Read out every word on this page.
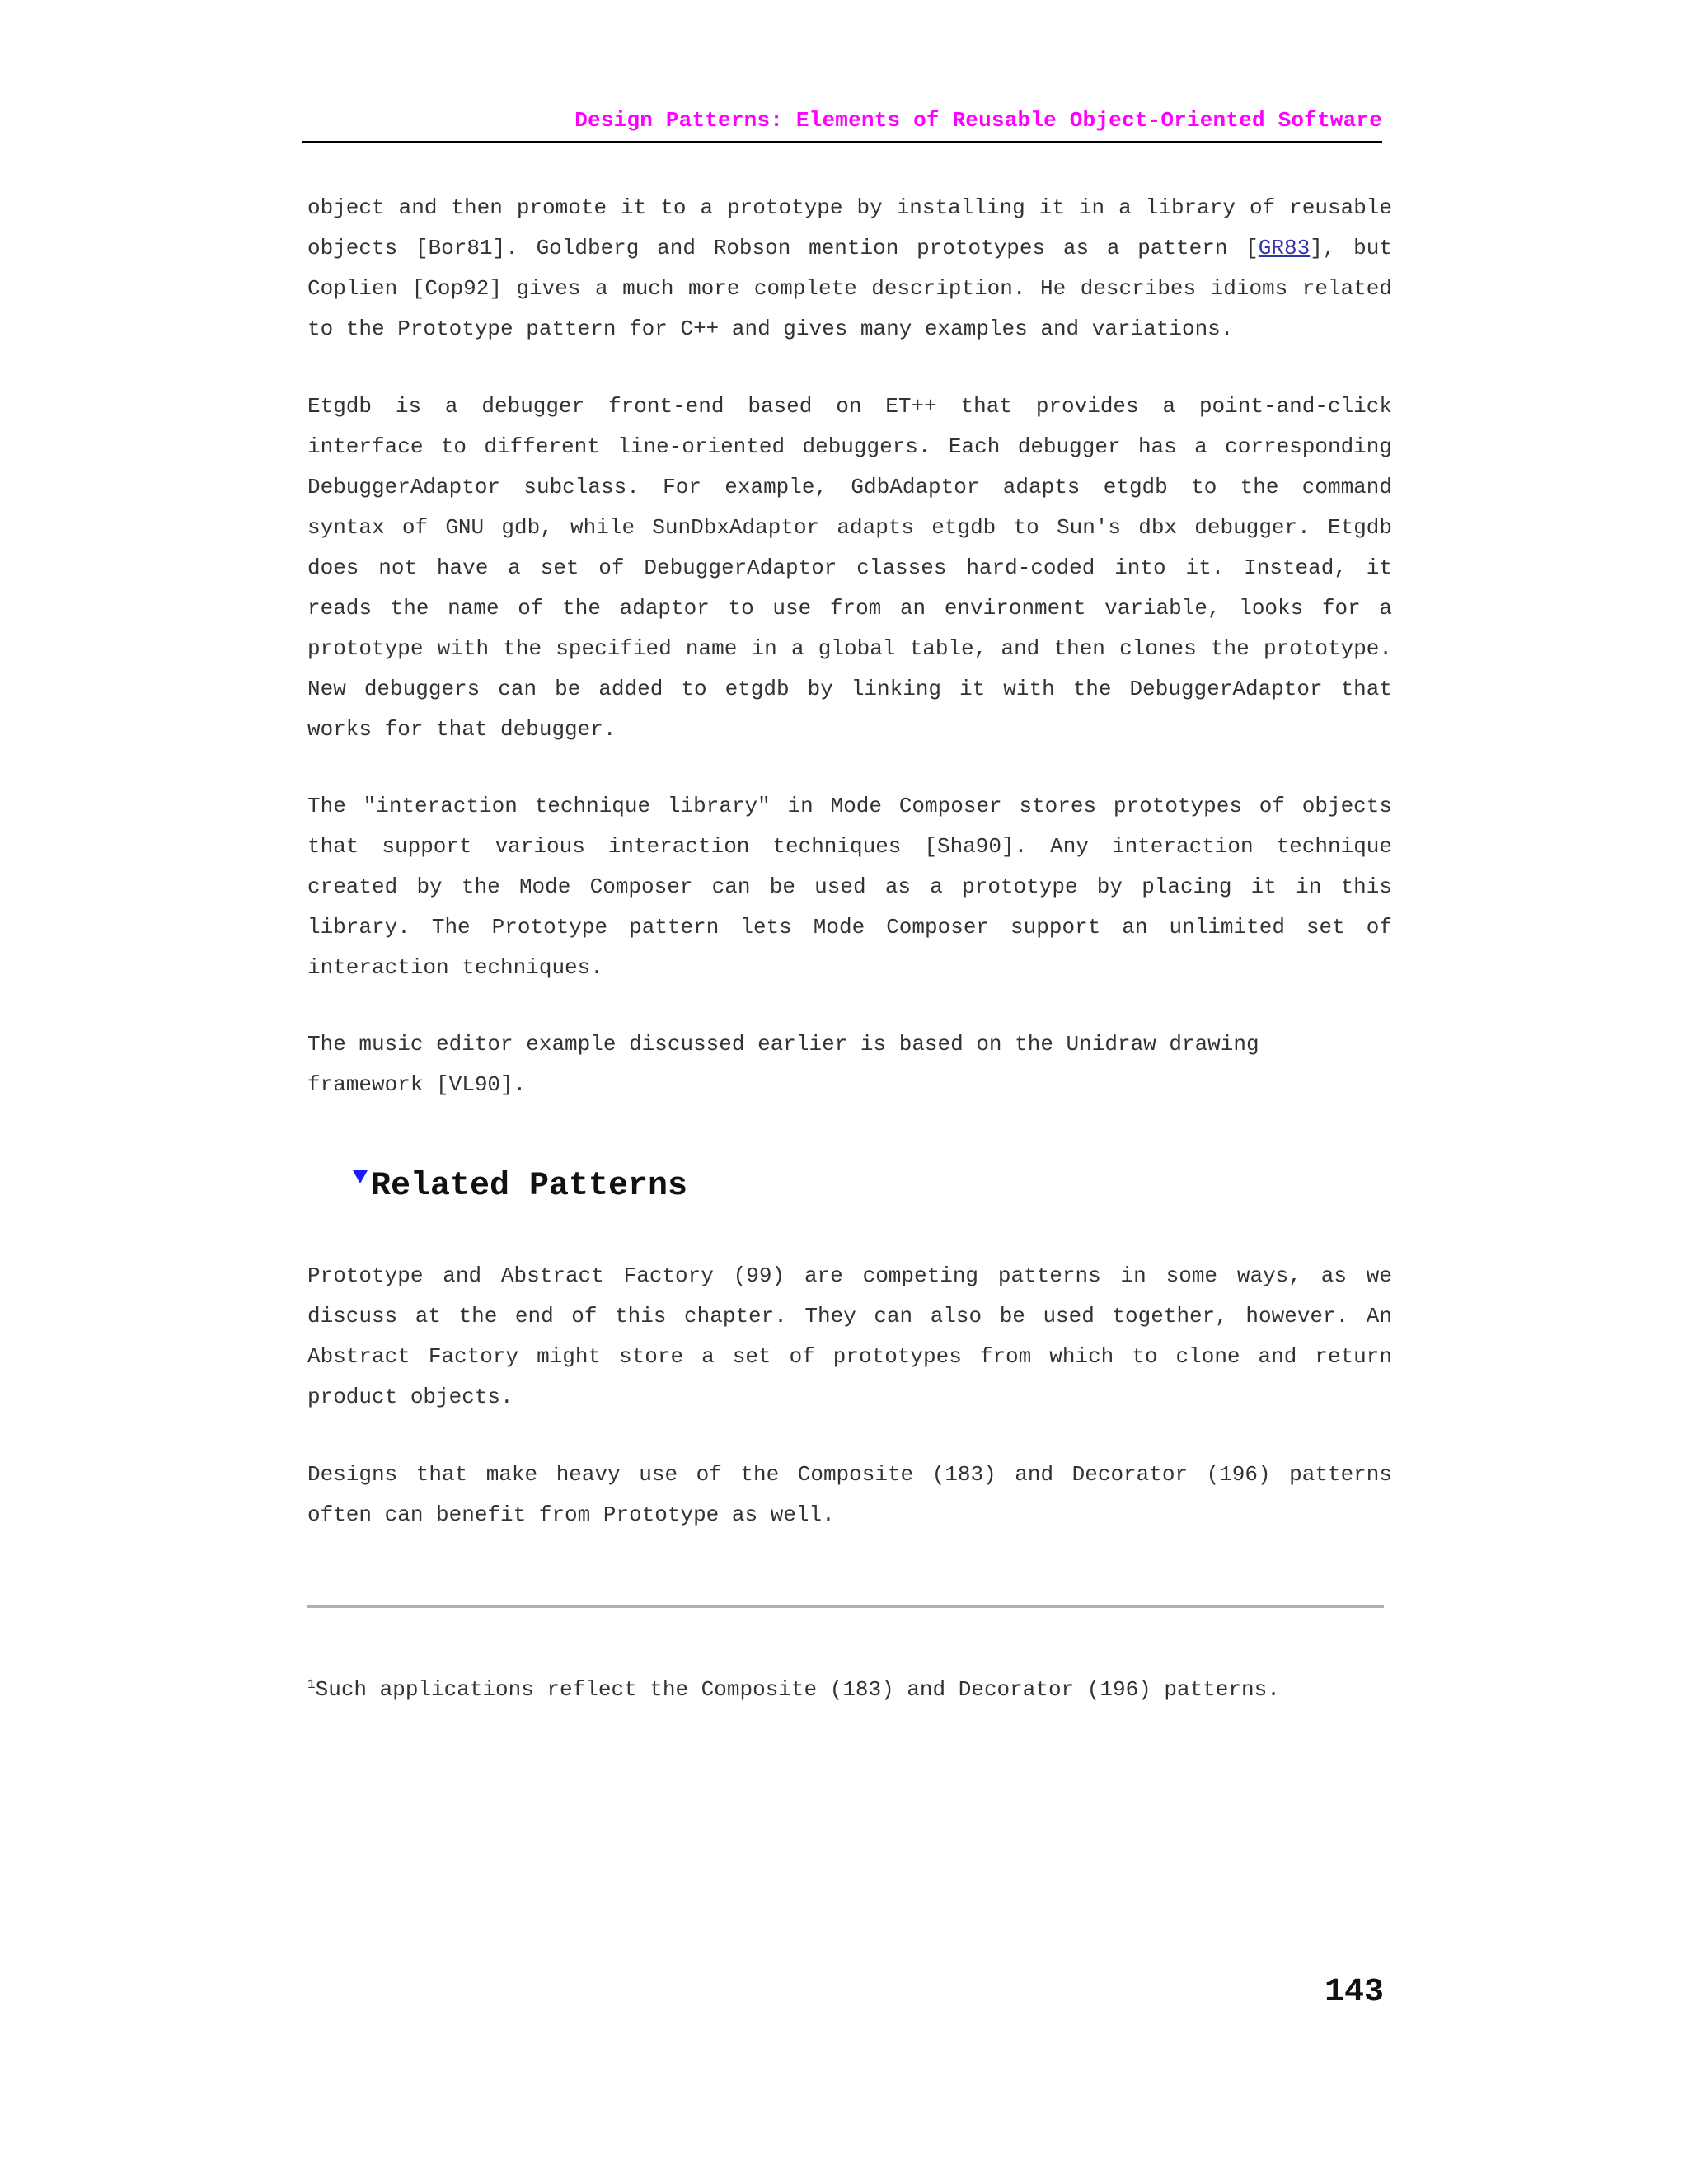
Design Patterns: Elements of Reusable Object-Oriented Software
object and then promote it to a prototype by installing it in a library of reusable
objects [Bor81]. Goldberg and Robson mention prototypes as a pattern [GR83], but
Coplien [Cop92] gives a much more complete description. He describes idioms related
to the Prototype pattern for C++ and gives many examples and variations.
Etgdb is a debugger front-end based on ET++ that provides a point-and-click
interface to different line-oriented debuggers. Each debugger has a corresponding
DebuggerAdaptor subclass. For example, GdbAdaptor adapts etgdb to the command
syntax of GNU gdb, while SunDbxAdaptor adapts etgdb to Sun's dbx debugger. Etgdb
does not have a set of DebuggerAdaptor classes hard-coded into it. Instead, it
reads the name of the adaptor to use from an environment variable, looks for a
prototype with the specified name in a global table, and then clones the prototype.
New debuggers can be added to etgdb by linking it with the DebuggerAdaptor that
works for that debugger.
The "interaction technique library" in Mode Composer stores prototypes of objects
that support various interaction techniques [Sha90]. Any interaction technique
created by the Mode Composer can be used as a prototype by placing it in this
library. The Prototype pattern lets Mode Composer support an unlimited set of
interaction techniques.
The music editor example discussed earlier is based on the Unidraw drawing
framework [VL90].
Related Patterns
Prototype and Abstract Factory (99) are competing patterns in some ways, as we
discuss at the end of this chapter. They can also be used together, however. An
Abstract Factory might store a set of prototypes from which to clone and return
product objects.
Designs that make heavy use of the Composite (183) and Decorator (196) patterns
often can benefit from Prototype as well.
$^1$Such applications reflect the Composite (183) and Decorator (196) patterns.
143
